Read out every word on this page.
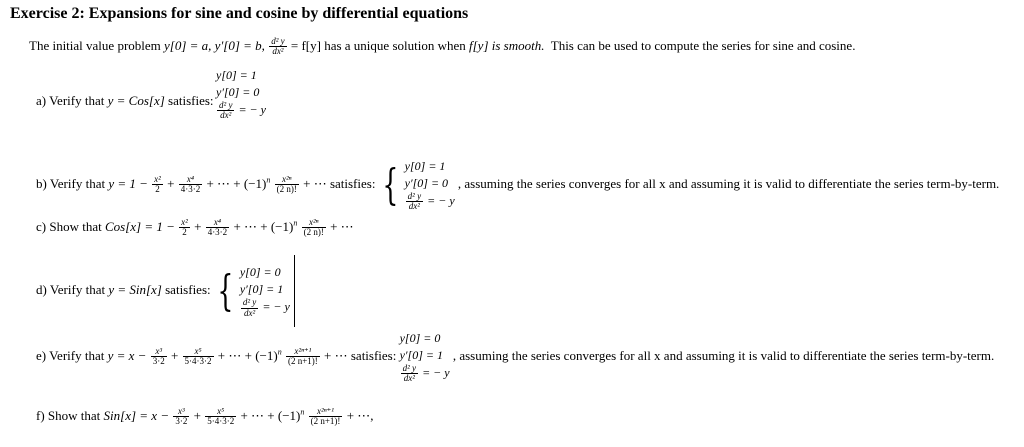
Exercise 2: Expansions for sine and cosine by differential equations
The initial value problem y[0] = a, y′[0] = b, $\frac{\text{d² y}}{\text{dx²}} = f[y]$ has a unique solution when f[y] is smooth. This can be used to compute the series for sine and cosine.
a) Verify that y = Cos[x] satisfies:
y[0] = 1
y′[0] = 0
$\frac{\text{d² y}}{\text{dx²}}$ = − y
b) Verify that $y = 1 - \frac{\text{x²}}{2} + \frac{\text{x⁴}}{4\cdot 3\cdot 2}$ + ⋯ + $(-1)^n \frac{\text{x²ⁿ}}{(2 n)!}$ + ⋯ satisfies: { y[0] = 1
y′[0] = 0
$\frac{\text{d² y}}{\text{dx²}}$ = − y
, assuming the series converges for all x and assuming it is valid to differentiate the series term-by-term.
c) Show that $Cos[x] = 1 - \frac{\text{x²}}{2} + \frac{\text{x⁴}}{4\cdot 3\cdot 2}$ + ⋯ + $(-1)^n \frac{\text{x²ⁿ}}{(2 n)!}$ + ⋯
d) Verify that y = Sin[x] satisfies: { y[0] = 0
y′[0] = 1
$\frac{\text{d² y}}{\text{dx²}}$ = − y
e) Verify that $y = x - \frac{\text{x³}}{3\cdot 2} + \frac{\text{x⁵}}{5\cdot 4\cdot 3\cdot 2}$ + ⋯ + $(-1)^n \frac{\text{x²ⁿ⁺¹}}{(2 n+1)!}$ + ⋯ satisfies:
y[0] = 0
y′[0] = 1
$\frac{\text{d² y}}{\text{dx²}}$ = − y
, assuming the series converges for all x and assuming it is valid to differentiate the series term-by-term.
f) Show that $Sin[x] = x - \frac{\text{x³}}{3\cdot 2} + \frac{\text{x⁵}}{5\cdot 4\cdot 3\cdot 2}$ + ⋯ + $(-1)^n \frac{\text{x²ⁿ⁺¹}}{(2 n+1)!}$ + ⋯,
